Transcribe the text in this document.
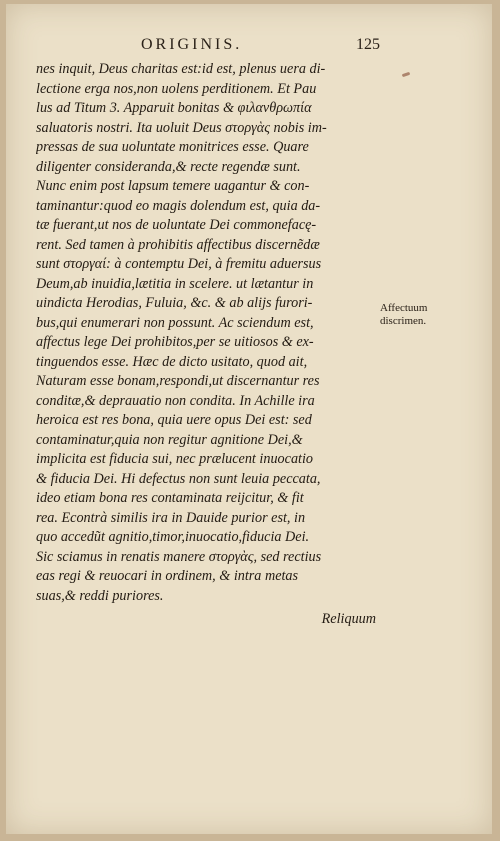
ORIGINIS.	125
nes inquit, Deus charitas est:id est, plenus uera di-
lectione erga nos,non uolens perditionem. Et Pau
lus ad Titum 3. Apparuit bonitas & φιλανθρωπία
saluatoris nostri. Ita uoluit Deus στοργὰς nobis im-
pressas de sua uoluntate monitrices esse. Quare
diligenter consideranda,& recte regendæ sunt.
Nunc enim post lapsum temere uagantur & con-
taminantur:quod eo magis dolendum est, quia da-
tæ fuerant,ut nos de uoluntate Dei commonefacę-
rent. Sed tamen à prohibitis affectibus discernẽdæ
sunt στοργαί: à contemptu Dei, à fremitu aduersus
Deum,ab inuidia,lætitia in scelere. ut lætantur in
uindicta Herodias, Fuluia, &c. & ab alijs furori-
bus,qui enumerari non possunt. Ac sciendum est,
affectus lege Dei prohibitos,per se uitiosos & ex-
tinguendos esse. Hæc de dicto usitato, quod ait,
Naturam esse bonam,respondi,ut discernantur res
conditæ,& deprauatio non condita. In Achille ira
heroica est res bona, quia uere opus Dei est: sed
contaminatur,quia non regitur agnitione Dei,&
implicita est fiducia sui, nec prælucent inuocatio
& fiducia Dei. Hi defectus non sunt leuia peccata,
ideo etiam bona res contaminata reijcitur, & fit
rea. Econtrà similis ira in Dauide purior est, in
quo accedũt agnitio,timor,inuocatio,fiducia Dei.
Sic sciamus in renatis manere στοργὰς, sed rectius
eas regi & reuocari in ordinem, & intra metas
suas,& reddi puriores.
Reliquum
Affectuum
discrimen.
